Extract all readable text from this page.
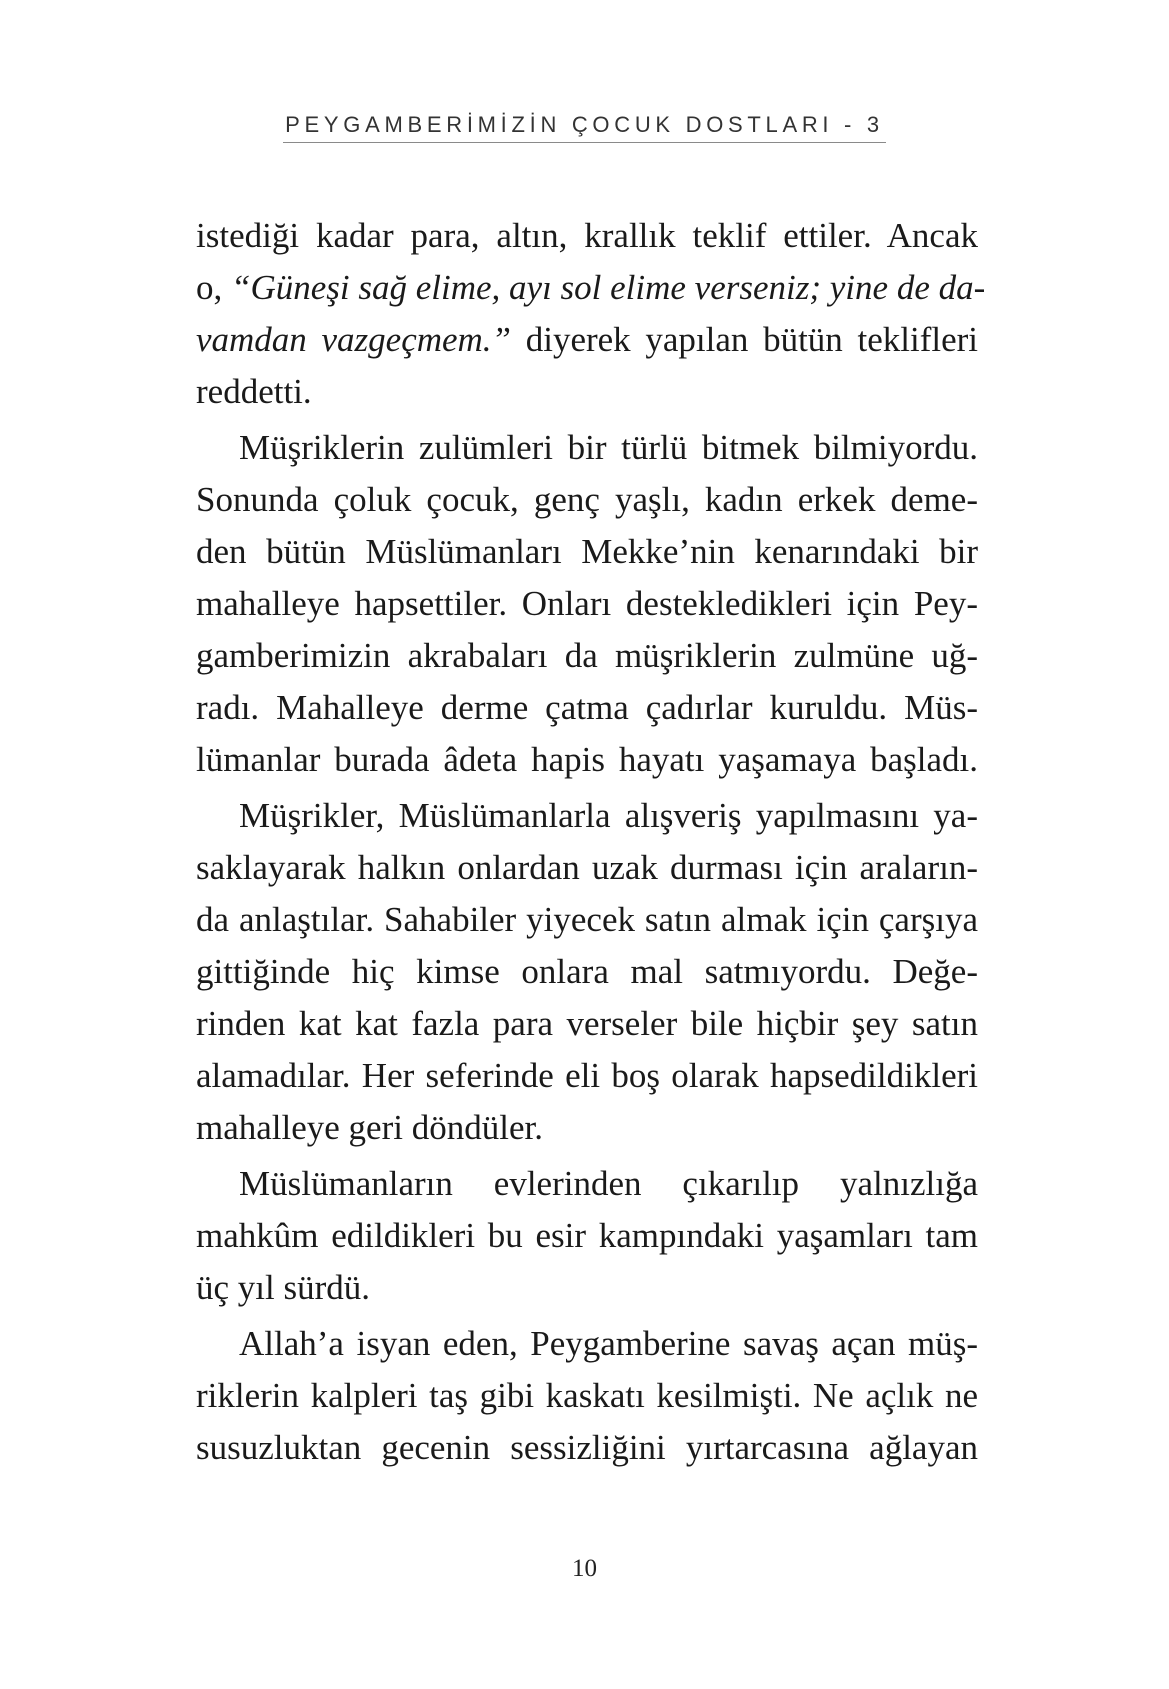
PEYGAMBERİMİZİN ÇOCUK DOSTLARI - 3

istediği kadar para, altın, krallık teklif ettiler. Ancak
o, “Güneşi sağ elime, ayı sol elime verseniz; yine de da-
vamdan vazgeçmem.” diyerek yapılan bütün teklifleri
reddetti.

Müşriklerin zulümleri bir türlü bitmek bilmiyordu.
Sonunda çoluk çocuk, genç yaşlı, kadın erkek deme-
den bütün Müslümanları Mekke’nin kenarındaki bir
mahalleye hapsettiler. Onları destekledikleri için Pey-
gamberimizin akrabaları da müşriklerin zulmüne uğ-
radı. Mahalleye derme çatma çadırlar kuruldu. Müs-
lümanlar burada âdeta hapis hayatı yaşamaya başladı.

Müşrikler, Müslümanlarla alışveriş yapılmasını ya-
saklayarak halkın onlardan uzak durması için araların-
da anlaştılar. Sahabiler yiyecek satın almak için çarşıya
gittiğinde hiç kimse onlara mal satmıyordu. Değe-
rinden kat kat fazla para verseler bile hiçbir şey satın
alamadılar. Her seferinde eli boş olarak hapsedildikleri
mahalleye geri döndüler.

Müslümanların evlerinden çıkarılıp yalnızlığa
mahkûm edildikleri bu esir kampındaki yaşamları tam
üç yıl sürdü.

Allah’a isyan eden, Peygamberine savaş açan müş-
riklerin kalpleri taş gibi kaskatı kesilmişti. Ne açlık ne
susuzluktan gecenin sessizliğini yırtarcasına ağlayan

10
